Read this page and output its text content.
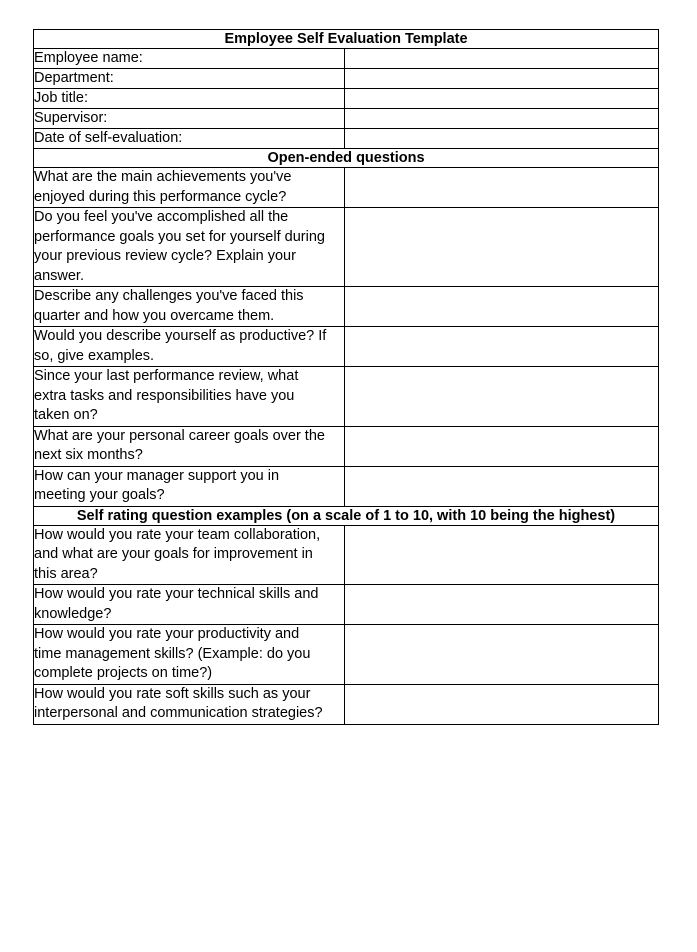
Employee Self Evaluation Template	
Employee name:	
Department:	
Job title:	
Supervisor:	
Date of self-evaluation:	
Open-ended questions	

What are the main achievements you've
enjoyed during this performance cycle?	

Do you feel you've accomplished all the
performance goals you set for yourself during
your previous review cycle? Explain your
answer.	

Describe any challenges you've faced this
quarter and how you overcame them.	

Would you describe yourself as productive? If
so, give examples.	

Since your last performance review, what
extra tasks and responsibilities have you
taken on?	

What are your personal career goals over the
next six months?	

How can your manager support you in
meeting your goals?	

Self rating question examples (on a scale of 1 to 10, with 10 being the highest)	

How would you rate your team collaboration,
and what are your goals for improvement in
this area?	

How would you rate your technical skills and
knowledge?	

How would you rate your productivity and
time management skills? (Example: do you
complete projects on time?)	

How would you rate soft skills such as your
interpersonal and communication strategies?	
